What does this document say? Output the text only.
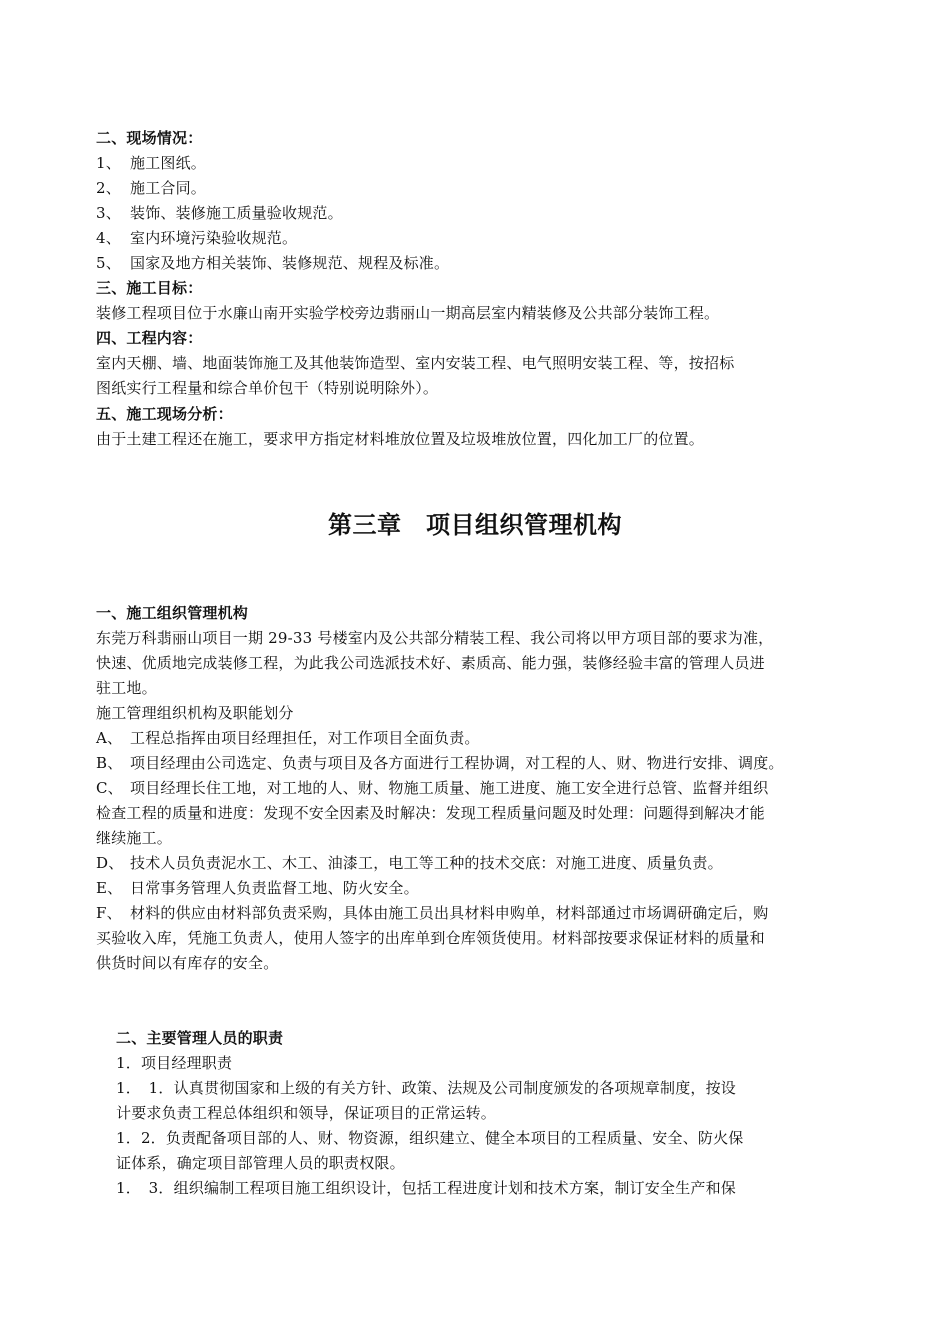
二、现场情况：
1、 施工图纸。
2、 施工合同。
3、 装饰、装修施工质量验收规范。
4、 室内环境污染验收规范。
5、 国家及地方相关装饰、装修规范、规程及标准。
三、施工目标：
装修工程项目位于水廉山南开实验学校旁边翡丽山一期高层室内精装修及公共部分装饰工程。
四、工程内容：
室内天棚、墙、地面装饰施工及其他装饰造型、室内安装工程、电气照明安装工程、等，按招标
图纸实行工程量和综合单价包干（特别说明除外）。
五、施工现场分析：
由于土建工程还在施工，要求甲方指定材料堆放位置及垃圾堆放位置，四化加工厂的位置。
第三章　项目组织管理机构
一、施工组织管理机构
东莞万科翡丽山项目一期 29-33 号楼室内及公共部分精装工程、我公司将以甲方项目部的要求为准，
快速、优质地完成装修工程，为此我公司选派技术好、素质高、能力强，装修经验丰富的管理人员进
驻工地。
施工管理组织机构及职能划分
A、 工程总指挥由项目经理担任，对工作项目全面负责。
B、 项目经理由公司选定、负责与项目及各方面进行工程协调，对工程的人、财、物进行安排、调度。
C、 项目经理长住工地，对工地的人、财、物施工质量、施工进度、施工安全进行总管、监督并组织
检查工程的质量和进度：发现不安全因素及时解决：发现工程质量问题及时处理：问题得到解决才能
继续施工。
D、 技术人员负责泥水工、木工、油漆工，电工等工种的技术交底：对施工进度、质量负责。
E、 日常事务管理人负责监督工地、防火安全。
F、 材料的供应由材料部负责采购，具体由施工员出具材料申购单，材料部通过市场调研确定后，购
买验收入库，凭施工负责人，使用人签字的出库单到仓库领货使用。材料部按要求保证材料的质量和
供货时间以有库存的安全。
二、主要管理人员的职责
1．项目经理职责
1．　1．认真贯彻国家和上级的有关方针、政策、法规及公司制度颁发的各项规章制度，按设
计要求负责工程总体组织和领导，保证项目的正常运转。
1．2．负责配备项目部的人、财、物资源，组织建立、健全本项目的工程质量、安全、防火保
证体系，确定项目部管理人员的职责权限。
1．　3．组织编制工程项目施工组织设计，包括工程进度计划和技术方案，制订安全生产和保
